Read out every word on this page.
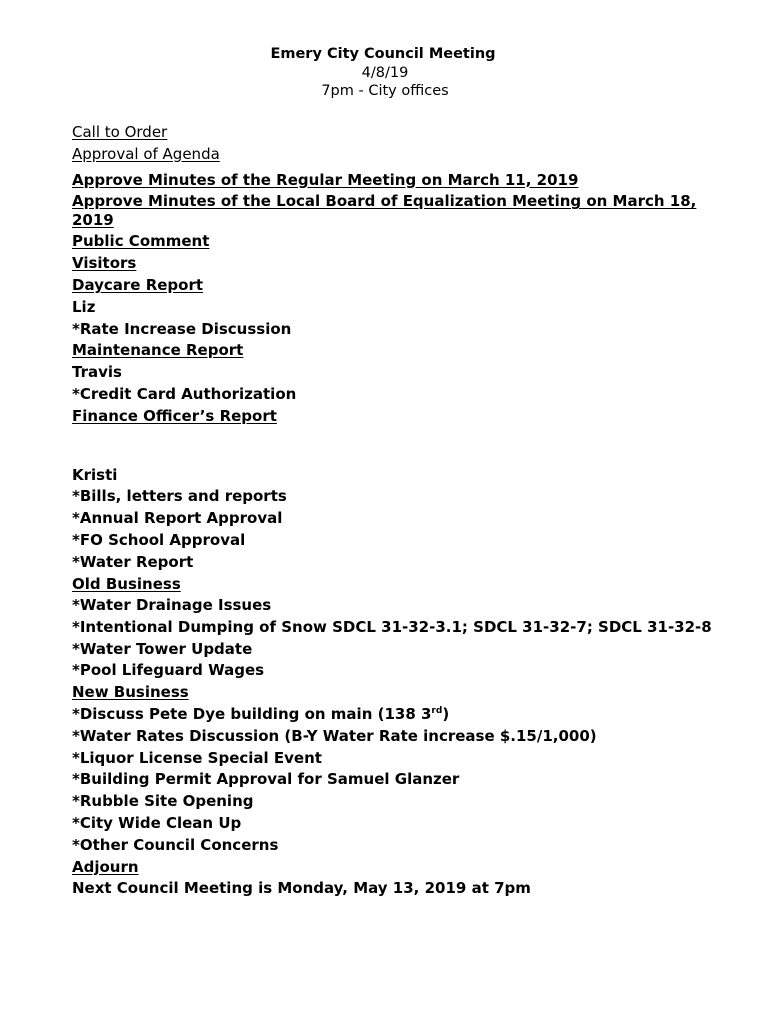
Emery City Council Meeting
4/8/19
7pm - City offices
Call to Order
Approval of Agenda
Approve Minutes of the Regular Meeting on March 11, 2019
Approve Minutes of the Local Board of Equalization Meeting on March 18, 2019
Public Comment
Visitors
Daycare Report
Liz
*Rate Increase Discussion
Maintenance Report
Travis
*Credit Card Authorization
Finance Officer’s Report
Kristi
*Bills, letters and reports
*Annual Report Approval
*FO School Approval
*Water Report
Old Business
*Water Drainage Issues
*Intentional Dumping of Snow SDCL 31-32-3.1; SDCL 31-32-7; SDCL 31-32-8
*Water Tower Update
*Pool Lifeguard Wages
New Business
*Discuss Pete Dye building on main (138 3rd)
*Water Rates Discussion (B-Y Water Rate increase $.15/1,000)
*Liquor License Special Event
*Building Permit Approval for Samuel Glanzer
*Rubble Site Opening
*City Wide Clean Up
*Other Council Concerns
Adjourn
Next Council Meeting is Monday, May 13, 2019 at 7pm
